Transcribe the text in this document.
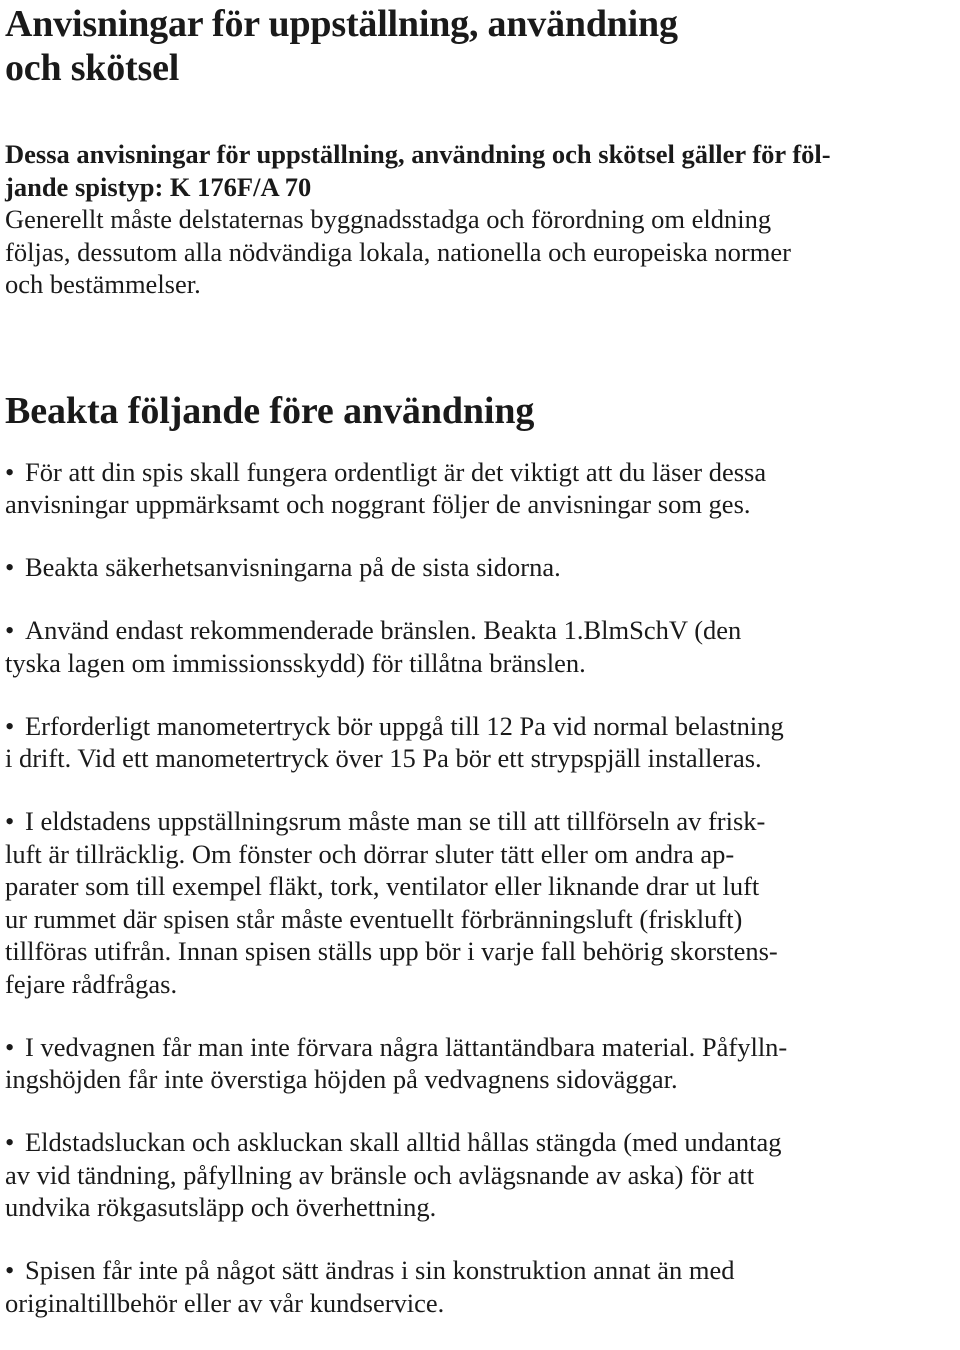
Anvisningar för uppställning, användning
och skötsel

Dessa anvisningar för uppställning, användning och skötsel gäller för föl-
jande spistyp: K 176F/A 70
Generellt måste delstaternas byggnadsstadga och förordning om eldning
följas, dessutom alla nödvändiga lokala, nationella och europeiska normer
och bestämmelser.

Beakta följande före användning
• För att din spis skall fungera ordentligt är det viktigt att du läser dessa
anvisningar uppmärksamt och noggrant följer de anvisningar som ges.
• Beakta säkerhetsanvisningarna på de sista sidorna.
• Använd endast rekommenderade bränslen. Beakta 1.BlmSchV (den
tyska lagen om immissionsskydd) för tillåtna bränslen.
• Erforderligt manometertryck bör uppgå till 12 Pa vid normal belastning
i drift. Vid ett manometertryck över 15 Pa bör ett strypspjäll installeras.
• I eldstadens uppställningsrum måste man se till att tillförseln av frisk-
luft är tillräcklig. Om fönster och dörrar sluter tätt eller om andra ap-
parater som till exempel fläkt, tork, ventilator eller liknande drar ut luft
ur rummet där spisen står måste eventuellt förbränningsluft (friskluft)
tillföras utifrån. Innan spisen ställs upp bör i varje fall behörig skorstens-
fejare rådfrågas.
• I vedvagnen får man inte förvara några lättantändbara material. Påfylln-
ingshöjden får inte överstiga höjden på vedvagnens sidoväggar.
• Eldstadsluckan och askluckan skall alltid hållas stängda (med undantag
av vid tändning, påfyllning av bränsle och avlägsnande av aska) för att
undvika rökgasutsläpp och överhettning.
• Spisen får inte på något sätt ändras i sin konstruktion annat än med
originaltillbehör eller av vår kundservice.
